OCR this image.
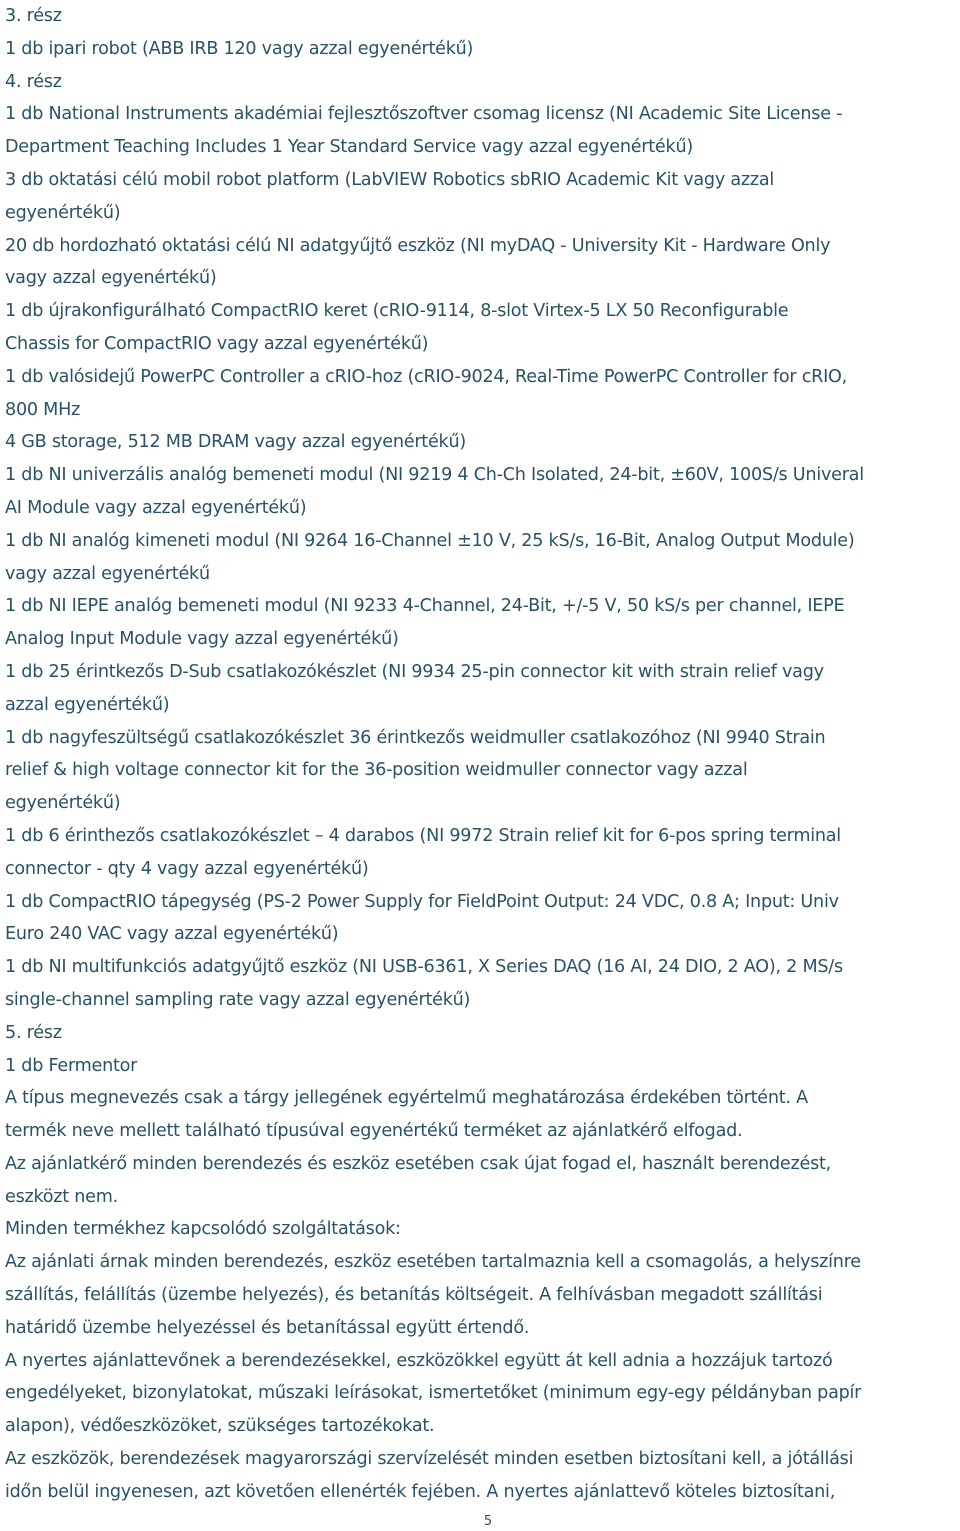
3. rész

1 db ipari robot (ABB IRB 120 vagy azzal egyenértékű)

4. rész

1 db National Instruments akadémiai fejlesztőszoftver csomag licensz (NI Academic Site License -

Department Teaching Includes 1 Year Standard Service vagy azzal egyenértékű)

3 db oktatási célú mobil robot platform (LabVIEW Robotics sbRIO Academic Kit vagy azzal

egyenértékű)

20 db hordozható oktatási célú NI adatgyűjtő eszköz (NI myDAQ - University Kit - Hardware Only

vagy azzal egyenértékű)

1 db újrakonfigurálható CompactRIO keret (cRIO-9114, 8-slot Virtex-5 LX 50 Reconfigurable

Chassis for CompactRIO vagy azzal egyenértékű)

1 db valósidejű PowerPC Controller a cRIO-hoz (cRIO-9024, Real-Time PowerPC Controller for cRIO,

800 MHz

4 GB storage, 512 MB DRAM vagy azzal egyenértékű)

1 db NI univerzális analóg bemeneti modul (NI 9219 4 Ch-Ch Isolated, 24-bit, ±60V, 100S/s Univeral

AI Module vagy azzal egyenértékű)

1 db NI analóg kimeneti modul (NI 9264 16-Channel ±10 V, 25 kS/s, 16-Bit, Analog Output Module)

vagy azzal egyenértékű

1 db NI IEPE analóg bemeneti modul (NI 9233 4-Channel, 24-Bit, +/-5 V, 50 kS/s per channel, IEPE

Analog Input Module vagy azzal egyenértékű)

1 db 25 érintkezős D-Sub csatlakozókészlet (NI 9934 25-pin connector kit with strain relief vagy

azzal egyenértékű)

1 db nagyfeszültségű csatlakozókészlet 36 érintkezős weidmuller csatlakozóhoz (NI 9940 Strain

relief & high voltage connector kit for the 36-position weidmuller connector vagy azzal

egyenértékű)

1 db 6 érinthezős csatlakozókészlet – 4 darabos (NI 9972 Strain relief kit for 6-pos spring terminal

connector - qty 4 vagy azzal egyenértékű)

1 db CompactRIO tápegység (PS-2 Power Supply for FieldPoint Output: 24 VDC, 0.8 A; Input: Univ

Euro 240 VAC vagy azzal egyenértékű)

1 db NI multifunkciós adatgyűjtő eszköz (NI USB-6361, X Series DAQ (16 AI, 24 DIO, 2 AO), 2 MS/s

single-channel sampling rate vagy azzal egyenértékű)

5. rész

1 db Fermentor

A típus megnevezés csak a tárgy jellegének egyértelmű meghatározása érdekében történt. A

termék neve mellett található típusúval egyenértékű terméket az ajánlatkérő elfogad.

Az ajánlatkérő minden berendezés és eszköz esetében csak újat fogad el, használt berendezést,

eszközt nem.

Minden termékhez kapcsolódó szolgáltatások:

Az ajánlati árnak minden berendezés, eszköz esetében tartalmaznia kell a csomagolás, a helyszínre

szállítás, felállítás (üzembe helyezés), és betanítás költségeit. A felhívásban megadott szállítási

határidő üzembe helyezéssel és betanítással együtt értendő.

A nyertes ajánlattevőnek a berendezésekkel, eszközökkel együtt át kell adnia a hozzájuk tartozó

engedélyeket, bizonylatokat, műszaki leírásokat, ismertetőket (minimum egy-egy példányban papír

alapon), védőeszközöket, szükséges tartozékokat.

Az eszközök, berendezések magyarországi szervízelését minden esetben biztosítani kell, a jótállási

időn belül ingyenesen, azt követően ellenérték fejében. A nyertes ajánlattevő köteles biztosítani,

5
